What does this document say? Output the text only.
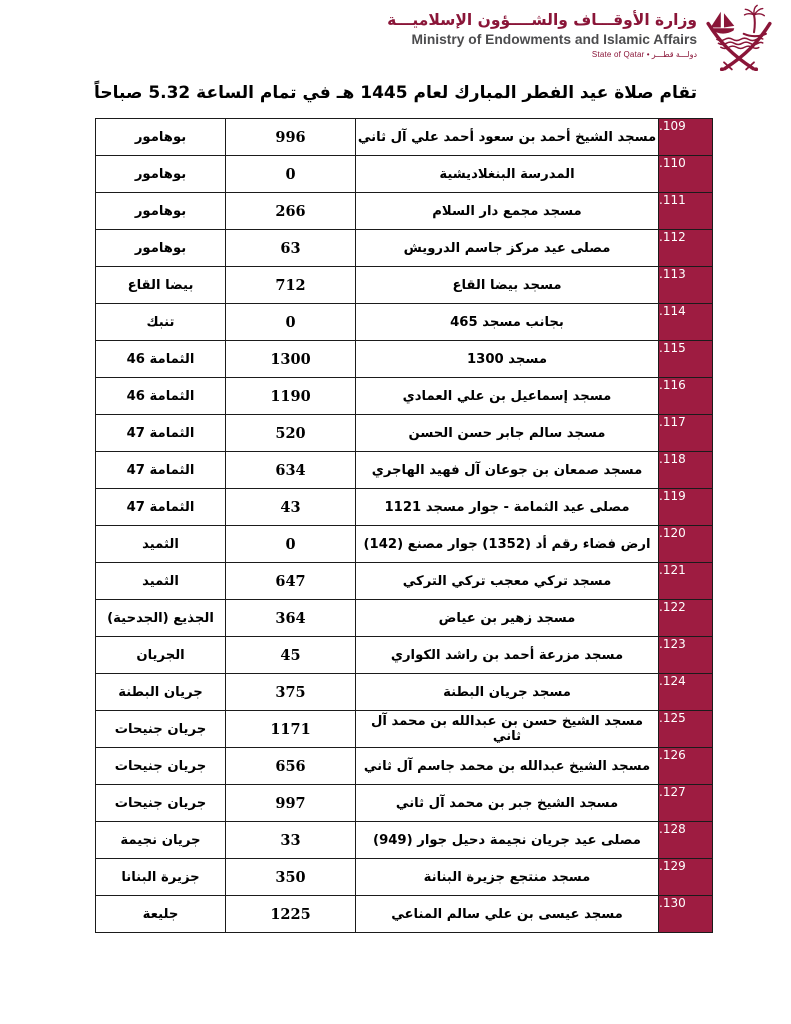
وزارة الأوقـــاف والشــــؤون الإسلاميـــة
Ministry of Endowments and Islamic Affairs
دولـــة قطـــر • State of Qatar
تقام صلاة عيد الفطر المبارك لعام 1445 هـ في تمام الساعة 5.32 صباحاً
109.	مسجد الشيخ أحمد بن سعود أحمد علي آل ثاني	996	بوهامور
110.	المدرسة البنغلاديشية	0	بوهامور
111.	مسجد مجمع دار السلام	266	بوهامور
112.	مصلى عيد مركز جاسم الدرويش	63	بوهامور
113.	مسجد بيضا القاع	712	بيضا القاع
114.	بجانب مسجد 465	0	تنبك
115.	مسجد 1300	1300	الثمامة 46
116.	مسجد إسماعيل بن علي العمادي	1190	الثمامة 46
117.	مسجد سالم جابر حسن الحسن	520	الثمامة 47
118.	مسجد صمعان بن جوعان آل فهيد الهاجري	634	الثمامة 47
119.	مصلى عيد الثمامة - جوار مسجد 1121	43	الثمامة 47
120.	ارض فضاء رقم أد (1352) جوار مصنع (142)	0	الثميد
121.	مسجد تركي معجب تركي التركي	647	الثميد
122.	مسجد زهير بن عياض	364	الجذيع (الجدحية)
123.	مسجد مزرعة أحمد بن راشد الكواري	45	الجريان
124.	مسجد جريان البطنة	375	جريان البطنة
125.	مسجد الشيخ حسن بن عبدالله بن محمد آل ثاني	1171	جريان جنيحات
126.	مسجد الشيخ عبدالله بن محمد جاسم آل ثاني	656	جريان جنيحات
127.	مسجد الشيخ جبر بن محمد آل ثاني	997	جريان جنيحات
128.	مصلى عيد جريان نجيمة دحيل جوار (949)	33	جريان نجيمة
129.	مسجد منتجع جزيرة البنانة	350	جزيرة البنانا
130.	مسجد عيسى بن علي سالم المناعي	1225	جليعة
